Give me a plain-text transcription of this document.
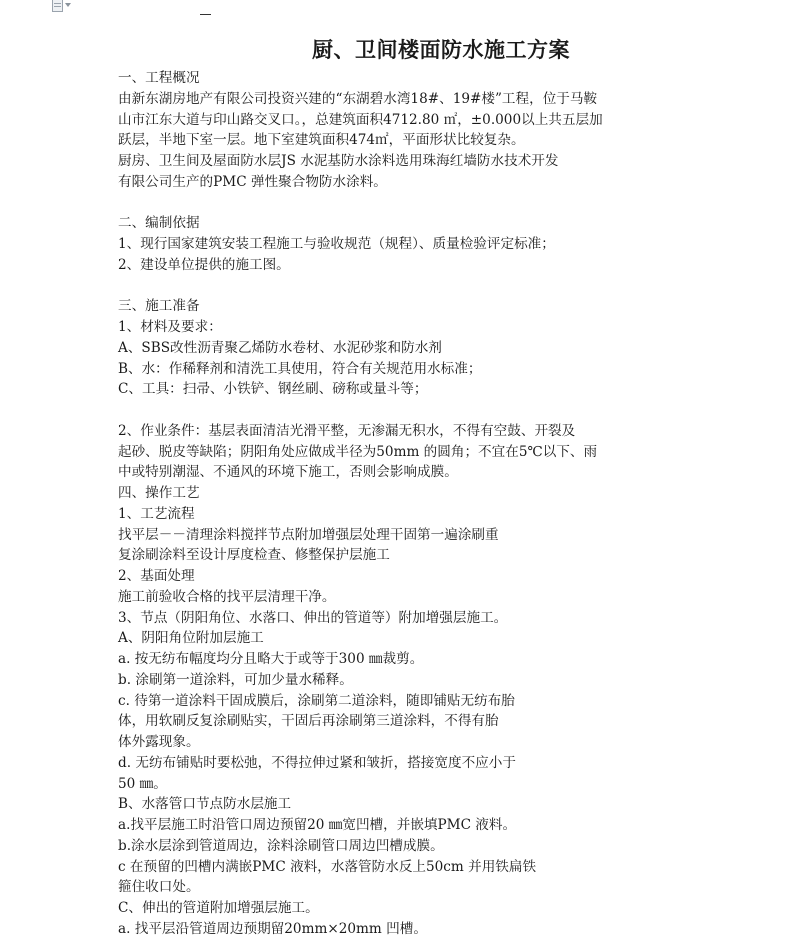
厨、卫间楼面防水施工方案
一、工程概况
由新东湖房地产有限公司投资兴建的“东湖碧水湾18#、19#楼”工程，位于马鞍
山市江东大道与印山路交叉口。，总建筑面积4712.80 ㎡，±0.000以上共五层加
跃层，半地下室一层。地下室建筑面积474㎡，平面形状比较复杂。
厨房、卫生间及屋面防水层JS 水泥基防水涂料选用珠海红墙防水技术开发
有限公司生产的PMC 弹性聚合物防水涂料。
二、编制依据
1、现行国家建筑安装工程施工与验收规范（规程）、质量检验评定标准；
2、建设单位提供的施工图。
三、施工准备
1、材料及要求：
A、SBS改性沥青聚乙烯防水卷材、水泥砂浆和防水剂
B、水：作稀释剂和清洗工具使用，符合有关规范用水标准；
C、工具：扫帚、小铁铲、钢丝刷、磅称或量斗等；
2、作业条件：基层表面清洁光滑平整，无渗漏无积水，不得有空鼓、开裂及
起砂、脱皮等缺陷；阴阳角处应做成半径为50mm 的圆角；不宜在5℃以下、雨
中或特别潮湿、不通风的环境下施工，否则会影响成膜。
四、操作工艺
1、工艺流程
找平层－－清理涂料搅拌节点附加增强层处理干固第一遍涂刷重
复涂刷涂料至设计厚度检查、修整保护层施工
2、基面处理
施工前验收合格的找平层清理干净。
3、节点（阴阳角位、水落口、伸出的管道等）附加增强层施工。
A、阴阳角位附加层施工
a. 按无纺布幅度均分且略大于或等于300 ㎜裁剪。
b. 涂刷第一道涂料，可加少量水稀释。
c. 待第一道涂料干固成膜后，涂刷第二道涂料，随即铺贴无纺布胎
体，用软刷反复涂刷贴实，干固后再涂刷第三道涂料，不得有胎
体外露现象。
d. 无纺布铺贴时要松弛，不得拉伸过紧和皱折，搭接宽度不应小于
50 ㎜。
B、水落管口节点防水层施工
a.找平层施工时沿管口周边预留20 ㎜宽凹槽，并嵌填PMC 液料。
b.涂水层涂到管道周边，涂料涂刷管口周边凹槽成膜。
c 在预留的凹槽内满嵌PMC 液料，水落管防水反上50cm 并用铁扁铁
箍住收口处。
C、伸出的管道附加增强层施工。
a. 找平层沿管道周边预期留20mm×20mm 凹槽。
